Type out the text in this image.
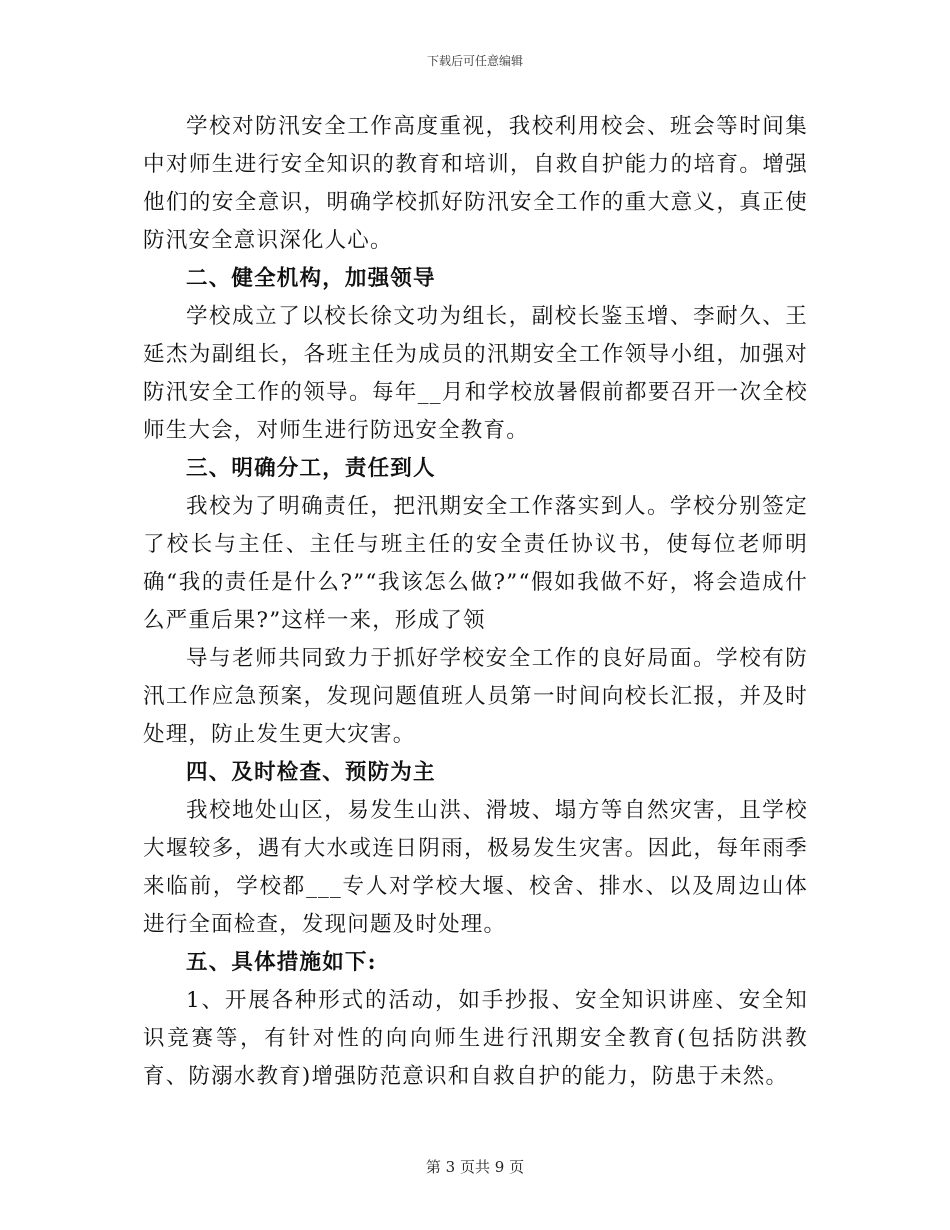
下载后可任意编辑

学校对防汛安全工作高度重视，我校利用校会、班会等时间集中对师生进行安全知识的教育和培训，自救自护能力的培育。增强他们的安全意识，明确学校抓好防汛安全工作的重大意义，真正使防汛安全意识深化人心。

二、健全机构，加强领导

学校成立了以校长徐文功为组长，副校长鉴玉增、李耐久、王延杰为副组长，各班主任为成员的汛期安全工作领导小组，加强对防汛安全工作的领导。每年__月和学校放暑假前都要召开一次全校师生大会，对师生进行防迅安全教育。

三、明确分工，责任到人

我校为了明确责任，把汛期安全工作落实到人。学校分别签定了校长与主任、主任与班主任的安全责任协议书，使每位老师明确“我的责任是什么?”“我该怎么做?”“假如我做不好，将会造成什么严重后果?”这样一来，形成了领

导与老师共同致力于抓好学校安全工作的良好局面。学校有防汛工作应急预案，发现问题值班人员第一时间向校长汇报，并及时处理，防止发生更大灾害。

四、及时检查、预防为主

我校地处山区，易发生山洪、滑坡、塌方等自然灾害，且学校大堰较多，遇有大水或连日阴雨，极易发生灾害。因此，每年雨季来临前，学校都___专人对学校大堰、校舍、排水、以及周边山体进行全面检查，发现问题及时处理。

五、具体措施如下:

1、开展各种形式的活动，如手抄报、安全知识讲座、安全知识竞赛等，有针对性的向向师生进行汛期安全教育(包括防洪教育、防溺水教育)增强防范意识和自救自护的能力，防患于未然。

第 3 页共 9 页
